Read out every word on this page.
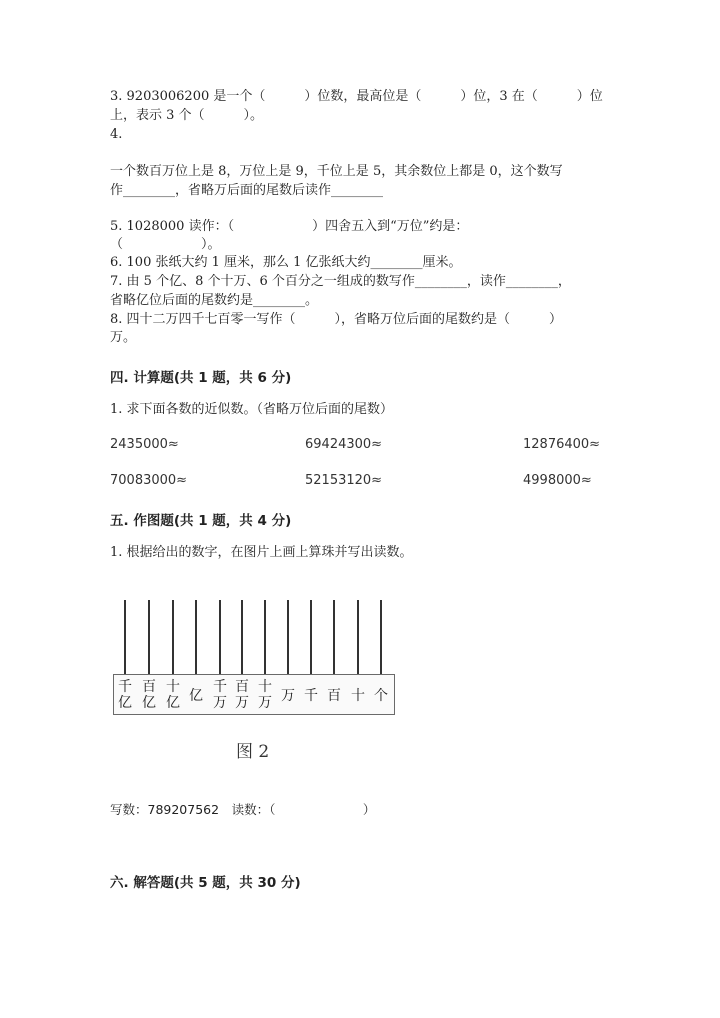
3. 9203006200 是一个（　　　）位数，最高位是（　　　）位，3 在（　　　）位
上，表示 3 个（　　　）。
4.
一个数百万位上是 8，万位上是 9，千位上是 5，其余数位上都是 0，这个数写
作________，省略万后面的尾数后读作________
5. 1028000 读作：（　　　　　　）四舍五入到“万位”约是：
（　　　　　　）。
6. 100 张纸大约 1 厘米，那么 1 亿张纸大约________厘米。
7. 由 5 个亿、8 个十万、6 个百分之一组成的数写作________，读作________，
省略亿位后面的尾数约是________。
8. 四十二万四千七百零一写作（　　　），省略万位后面的尾数约是（　　　）
万。
四. 计算题(共 1 题，共 6 分)
1. 求下面各数的近似数。（省略万位后面的尾数）
2435000≈	69424300≈	12876400≈
70083000≈	52153120≈	4998000≈
五. 作图题(共 1 题，共 4 分)
1. 根据给出的数字，在图片上画上算珠并写出读数。
千
亿
百
亿
十
亿 亿
千
万
百
万
十
万 万 千 百 十 个
图 2
写数：789207562　读数：（　　　　　　　）
六. 解答题(共 5 题，共 30 分)
